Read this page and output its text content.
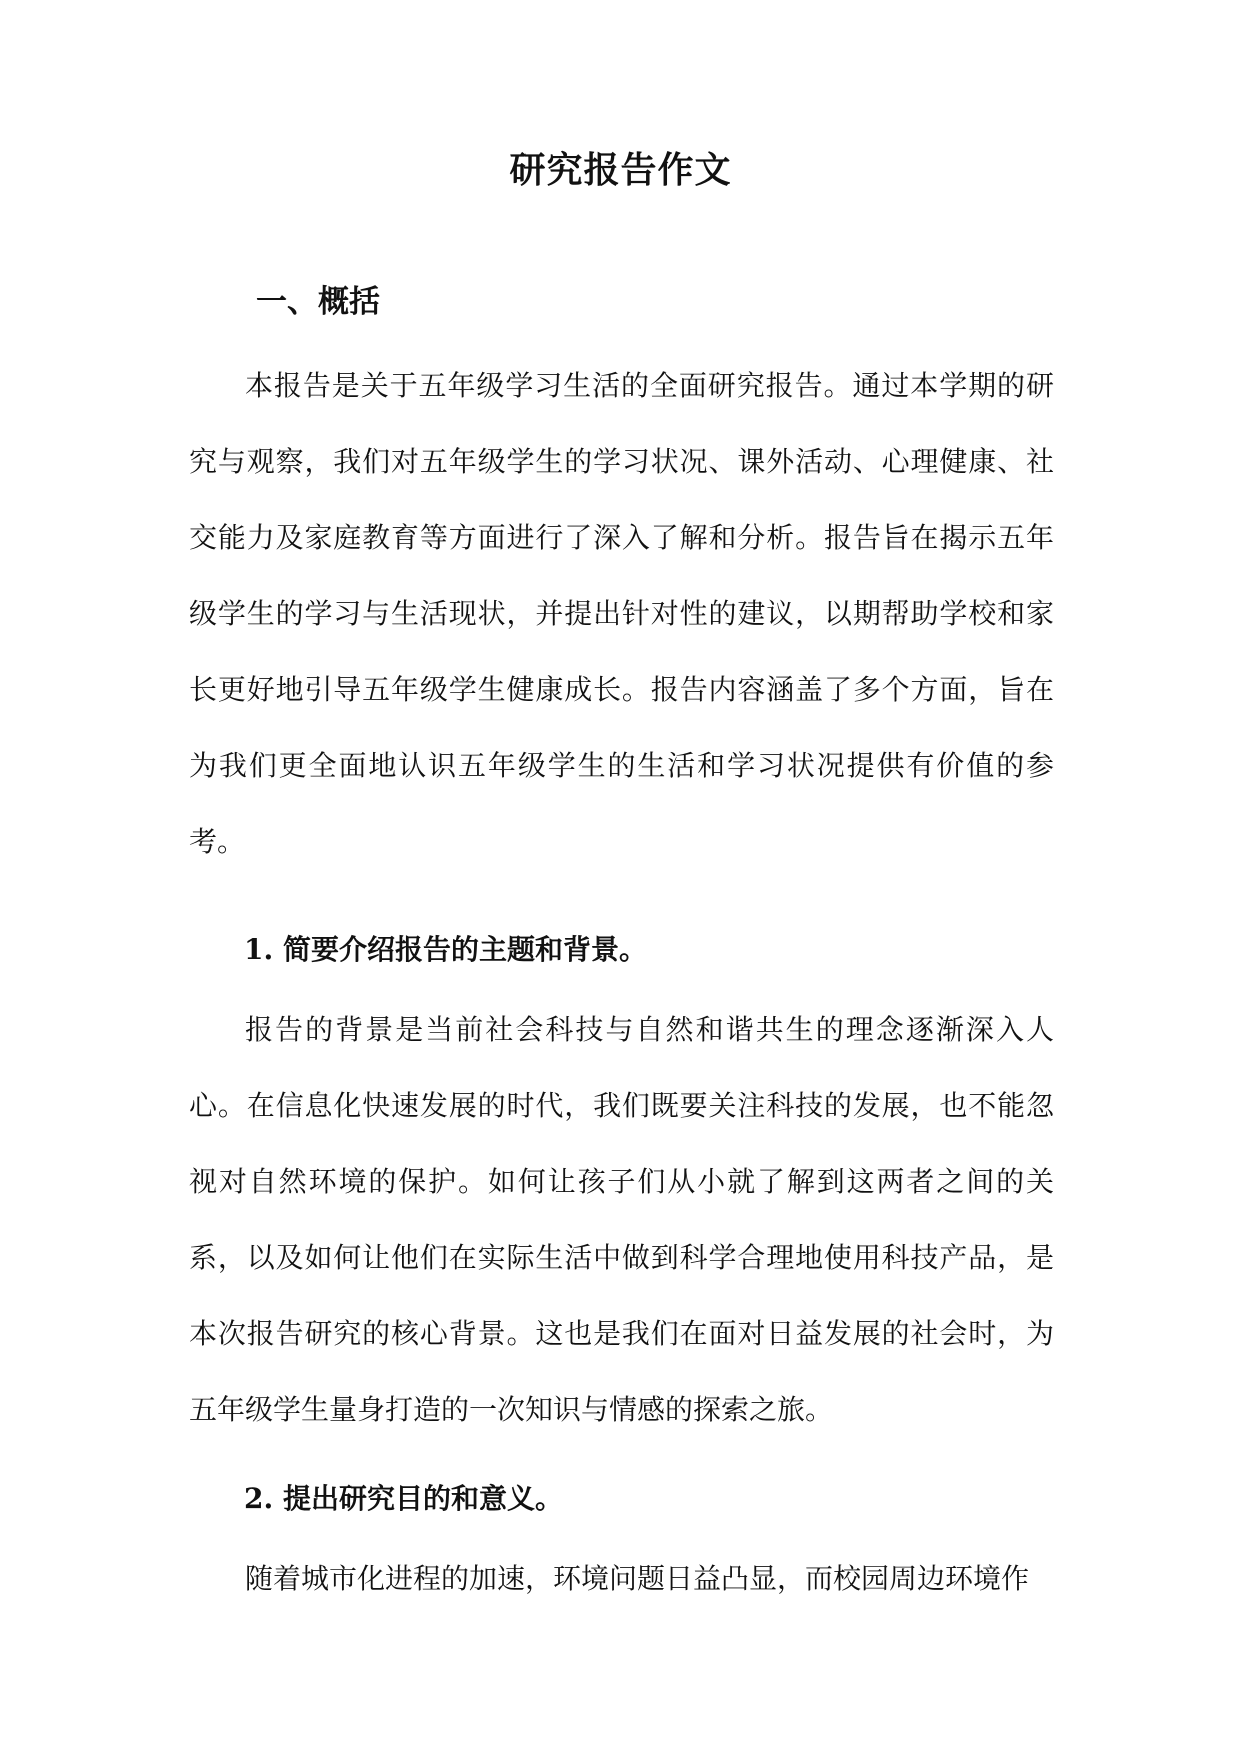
研究报告作文
一、概括

本报告是关于五年级学习生活的全面研究报告。通过本学期的研究与观察，我们对五年级学生的学习状况、课外活动、心理健康、社交能力及家庭教育等方面进行了深入了解和分析。报告旨在揭示五年级学生的学习与生活现状，并提出针对性的建议，以期帮助学校和家长更好地引导五年级学生健康成长。报告内容涵盖了多个方面，旨在为我们更全面地认识五年级学生的生活和学习状况提供有价值的参考。

1. 简要介绍报告的主题和背景。

报告的背景是当前社会科技与自然和谐共生的理念逐渐深入人心。在信息化快速发展的时代，我们既要关注科技的发展，也不能忽视对自然环境的保护。如何让孩子们从小就了解到这两者之间的关系，以及如何让他们在实际生活中做到科学合理地使用科技产品，是本次报告研究的核心背景。这也是我们在面对日益发展的社会时，为五年级学生量身打造的一次知识与情感的探索之旅。

2. 提出研究目的和意义。

随着城市化进程的加速，环境问题日益凸显，而校园周边环境作
